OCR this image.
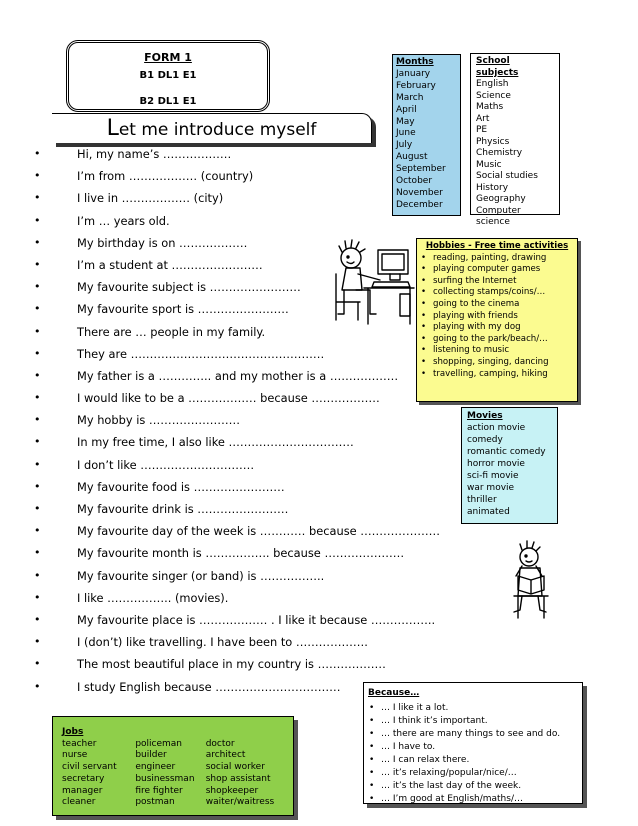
FORM 1
B1 DL1 E1
B2 DL1 E1
Let me introduce myself
•	Hi, my name’s ………………
•	I’m from ……………… (country)
•	I live in ……………… (city)
•	I’m … years old.
•	My birthday is on ………………
•	I’m a student at ……………………
•	My favourite subject is ……………………
•	My favourite sport is ……………………
•	There are … people in my family.
•	They are ……………………………………………
•	My father is a ………….. and my mother is a ………………
•	I would like to be a ……………… because ………………
•	My hobby is ……………………
•	In my free time, I also like ……………………………
•	I don’t like …………………………
•	My favourite food is ……………………
•	My favourite drink is ……………………
•	My favourite day of the week is ………… because …………………
•	My favourite month is …………….. because …………………
•	My favourite singer (or band) is ……………..
•	I like …………….. (movies).
•	My favourite place is ……………… . I like it because ……………..
•	I (don’t) like travelling. I have been to ……………….
•	The most beautiful place in my country is ………………
•	I study English because ……………………………
Months
January
February
March
April
May
June
July
August
September
October
November
December
School subjects
English
Science
Maths
Art
PE
Physics
Chemistry
Music
Social studies
History
Geography
Computer science
Hobbies - Free time activities
• reading, painting, drawing
• playing computer games
• surfing the Internet
• collecting stamps/coins/…
• going to the cinema
• playing with friends
• playing with my dog
• going to the park/beach/…
• listening to music
• shopping, singing, dancing
• travelling, camping, hiking
Movies
action movie
comedy
romantic comedy
horror movie
sci-fi movie
war movie
thriller
animated
Because…
• … I like it a lot.
• … I think it’s important.
• … there are many things to see and do.
• … I have to.
• … I can relax there.
• … it’s relaxing/popular/nice/…
• … it’s the last day of the week.
• … I’m good at English/maths/…
Jobs
teacher	policeman	doctor
nurse	builder	architect
civil servant	engineer	social worker
secretary	businessman	shop assistant
manager	fire fighter	shopkeeper
cleaner	postman	waiter/waitress
